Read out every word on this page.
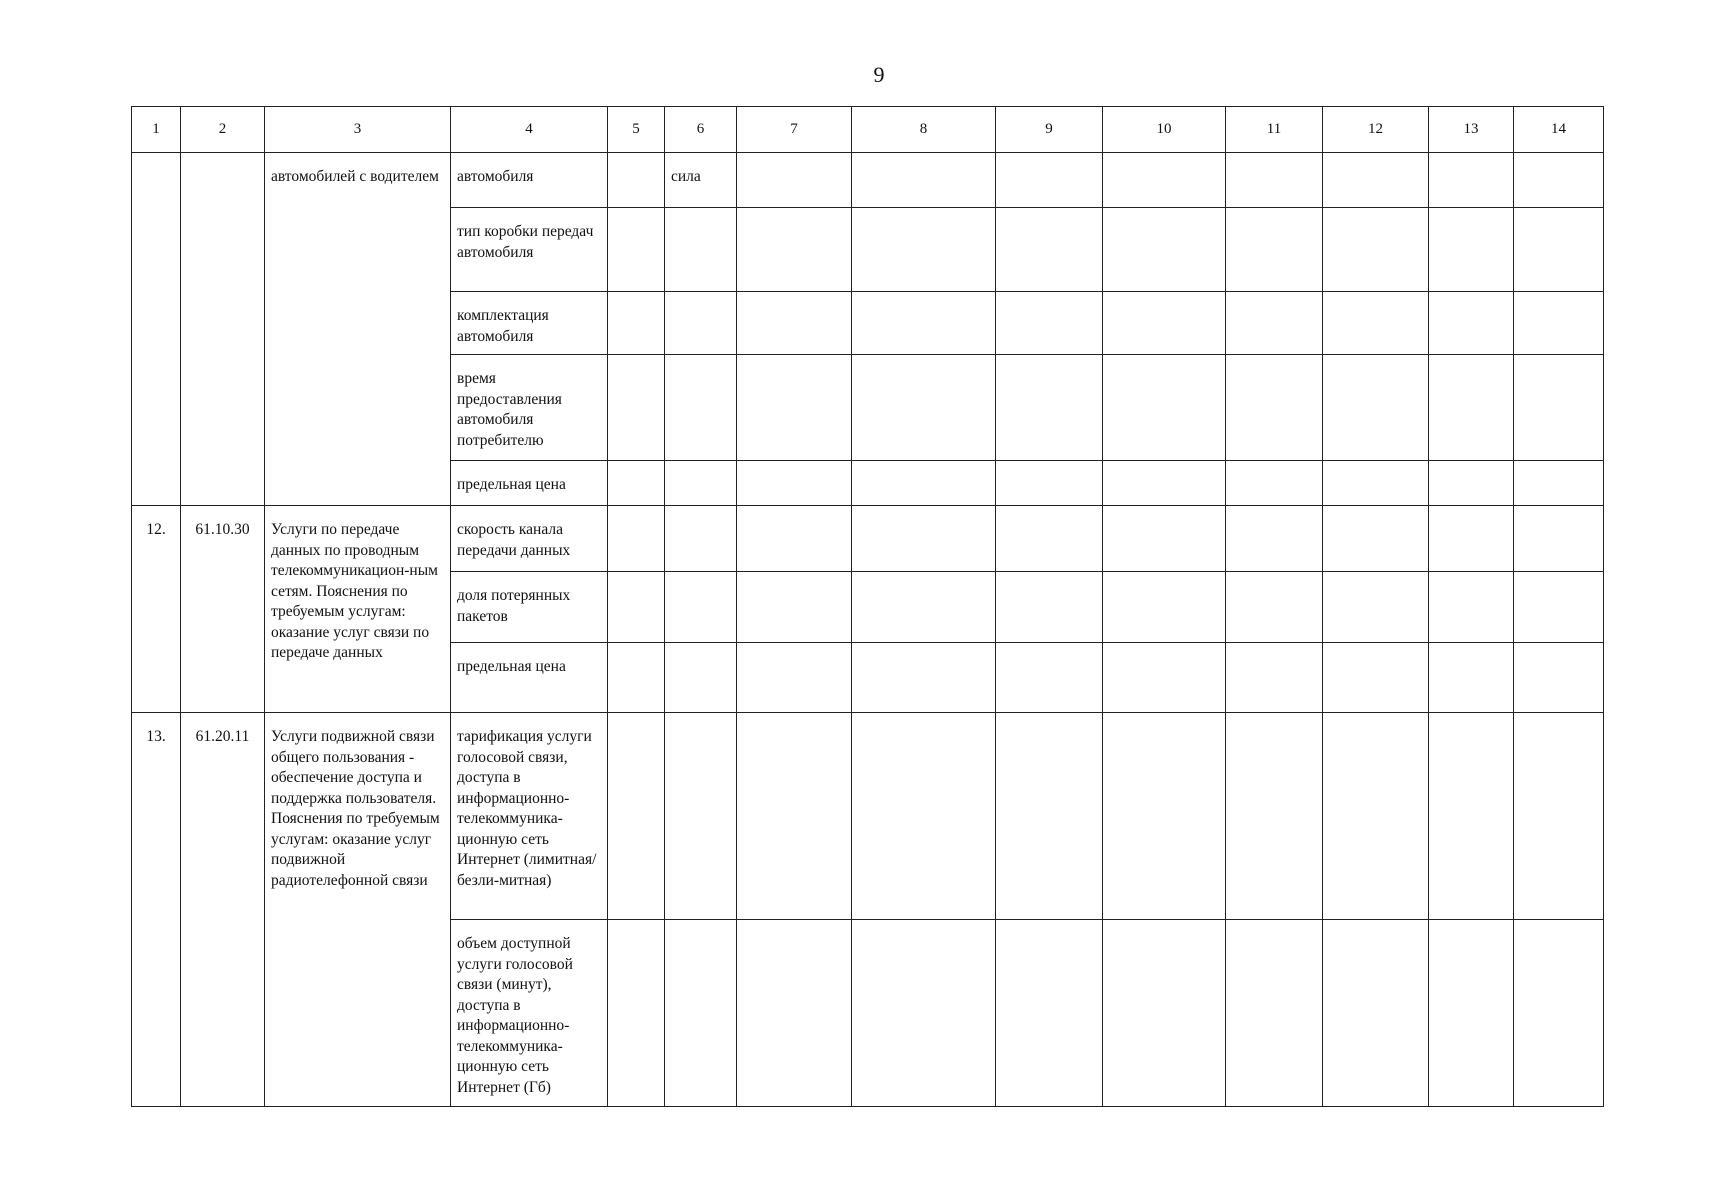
9
1	2	3	4	5	6	7	8	9	10	11	12	13	14
		автомобилей с водителем	автомобиля		сила								
			тип коробки передач автомобиля										
			комплектация автомобиля										
			время предоставления автомобиля потребителю										
			предельная цена										
12.	61.10.30	Услуги по передаче данных по проводным телекоммуникацион-ным сетям. Пояснения по требуемым услугам: оказание услуг связи по передаче данных	скорость канала передачи данных										
			доля потерянных пакетов										
			предельная цена										
13.	61.20.11	Услуги подвижной связи общего пользования - обеспечение доступа и поддержка пользователя. Пояснения по требуемым услугам: оказание услуг подвижной радиотелефонной связи	тарификация услуги голосовой связи, доступа в информационно-телекоммуника-ционную сеть Интернет (лимитная/безли-митная)										
			объем доступной услуги голосовой связи (минут), доступа в информационно-телекоммуника-ционную сеть Интернет (Гб)										
